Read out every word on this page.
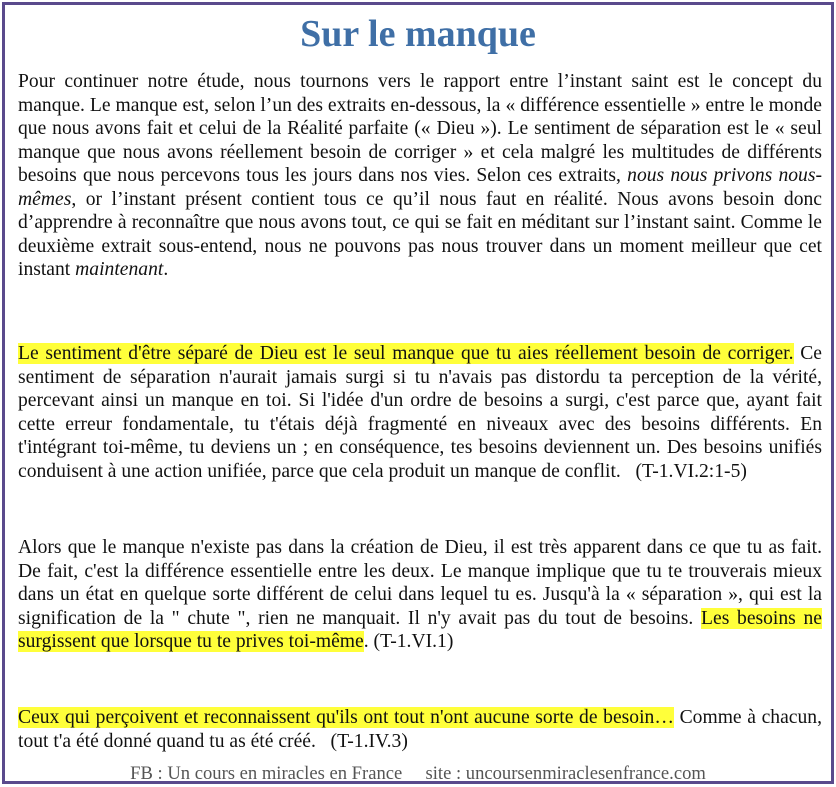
Sur le manque

Pour continuer notre étude, nous tournons vers le rapport entre l’instant saint est le concept du manque. Le manque est, selon l’un des extraits en-dessous, la « différence essentielle » entre le monde que nous avons fait et celui de la Réalité parfaite (« Dieu »). Le sentiment de séparation est le « seul manque que nous avons réellement besoin de corriger » et cela malgré les multitudes de différents besoins que nous percevons tous les jours dans nos vies. Selon ces extraits, nous nous privons nous-mêmes, or l’instant présent contient tous ce qu’il nous faut en réalité. Nous avons besoin donc d’apprendre à reconnaître que nous avons tout, ce qui se fait en méditant sur l’instant saint. Comme le deuxième extrait sous-entend, nous ne pouvons pas nous trouver dans un moment meilleur que cet instant maintenant.

Le sentiment d'être séparé de Dieu est le seul manque que tu aies réellement besoin de corriger. Ce sentiment de séparation n'aurait jamais surgi si tu n'avais pas distordu ta perception de la vérité, percevant ainsi un manque en toi. Si l'idée d'un ordre de besoins a surgi, c'est parce que, ayant fait cette erreur fondamentale, tu t'étais déjà fragmenté en niveaux avec des besoins différents. En t'intégrant toi-même, tu deviens un ; en conséquence, tes besoins deviennent un. Des besoins unifiés conduisent à une action unifiée, parce que cela produit un manque de conflit.   (T-1.VI.2:1-5)

Alors que le manque n'existe pas dans la création de Dieu, il est très apparent dans ce que tu as fait. De fait, c'est la différence essentielle entre les deux. Le manque implique que tu te trouverais mieux dans un état en quelque sorte différent de celui dans lequel tu es. Jusqu'à la « séparation », qui est la signification de la " chute ", rien ne manquait. Il n'y avait pas du tout de besoins. Les besoins ne surgissent que lorsque tu te prives toi-même. (T-1.VI.1)

Ceux qui perçoivent et reconnaissent qu'ils ont tout n'ont aucune sorte de besoin… Comme à chacun, tout t'a été donné quand tu as été créé.   (T-1.IV.3)

FB : Un cours en miracles en France     site : uncoursenmiraclesenfrance.com
